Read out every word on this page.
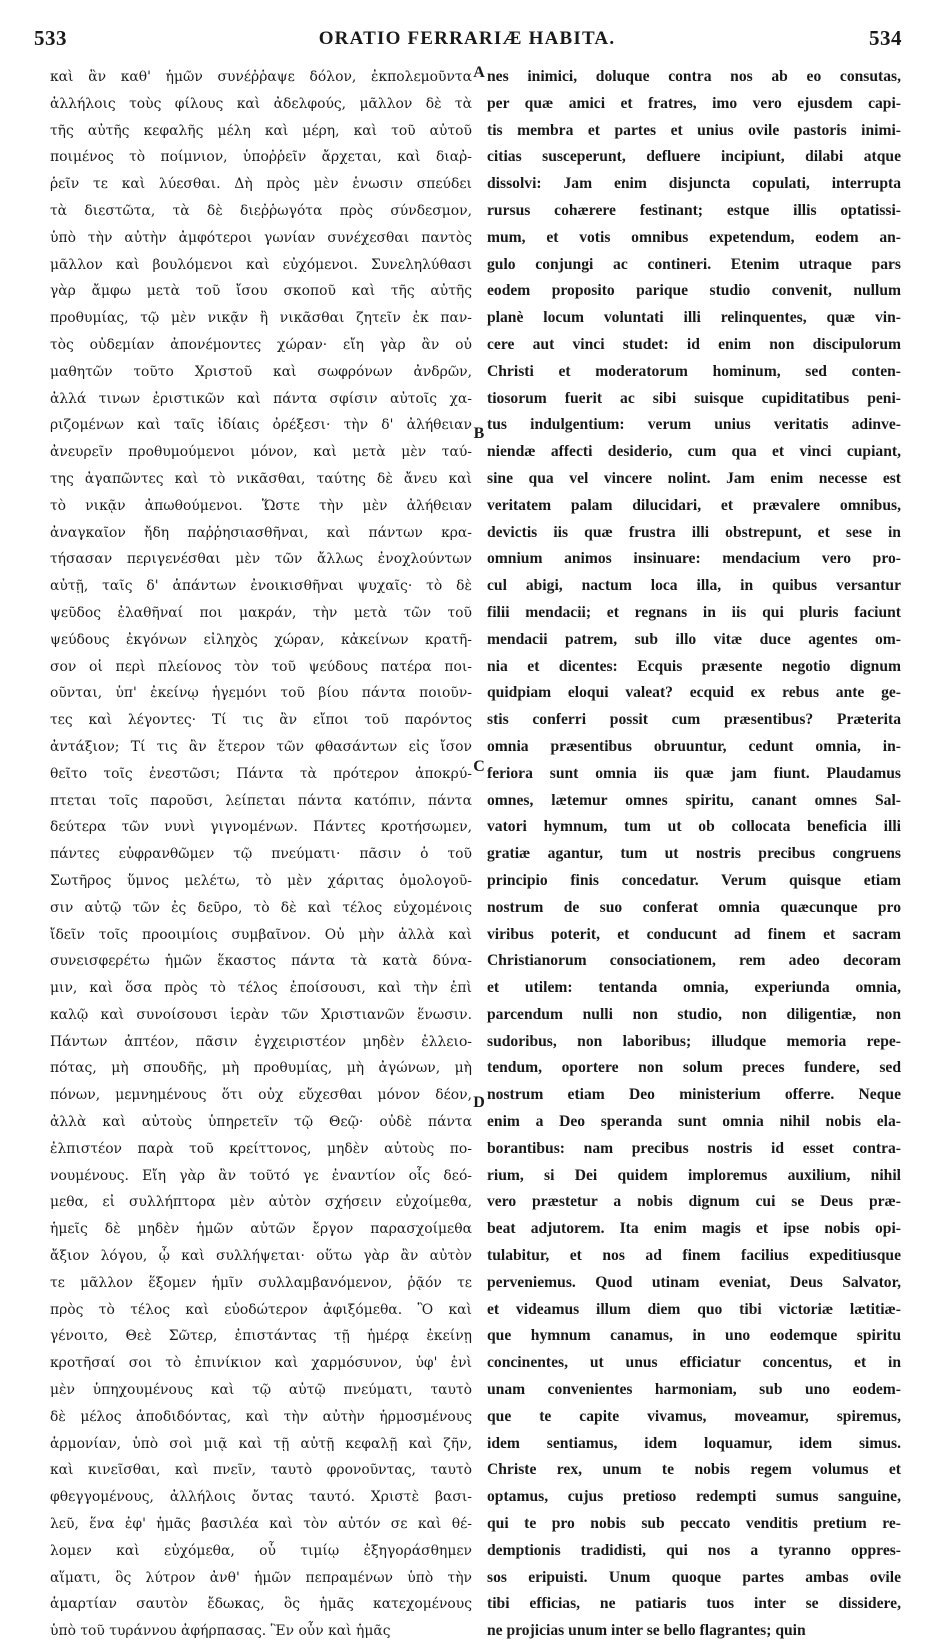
533	ORATIO FERRARIÆ HABITA.	534
καὶ ἂν καθ' ἡμῶν συνέῤῥαψε δόλον, ἐκπολεμοῦντα
ἀλλήλοις τοὺς φίλους καὶ ἀδελφούς, μᾶλλον δὲ τὰ
τῆς αὐτῆς κεφαλῆς μέλη καὶ μέρη, καὶ τοῦ αὐτοῦ
ποιμένος τὸ ποίμνιον, ὑποῤῥεῖν ἄρχεται, καὶ διαῤ-
ῥεῖν τε καὶ λύεσθαι. Δὴ πρὸς μὲν ἑνωσιν σπεύδει
τὰ διεστῶτα, τὰ δὲ διεῤῥωγότα πρὸς σύνδεσμον,
ὑπὸ τὴν αὐτὴν ἀμφότεροι γωνίαν συνέχεσθαι παντὸς
μᾶλλον καὶ βουλόμενοι καὶ εὐχόμενοι. Συνεληλύθασι
γὰρ ἄμφω μετὰ τοῦ ἴσου σκοποῦ καὶ τῆς αὐτῆς
προθυμίας, τῷ μὲν νικᾷν ἢ νικᾶσθαι ζητεῖν ἐκ παν-
τὸς οὐδεμίαν ἀπονέμοντες χώραν· εἴη γὰρ ἂν οὐ
μαθητῶν τοῦτο Χριστοῦ καὶ σωφρόνων ἀνδρῶν,
ἀλλά τινων ἐριστικῶν καὶ πάντα σφίσιν αὐτοῖς χα-
ριζομένων καὶ ταῖς ἰδίαις ὀρέξεσι· τὴν δ' ἀλήθειαν
ἀνευρεῖν προθυμούμενοι μόνον, καὶ μετὰ μὲν ταύ-
της ἀγαπῶντες καὶ τὸ νικᾶσθαι, ταύτης δὲ ἄνευ καὶ
τὸ νικᾷν ἀπωθούμενοι. Ὥστε τὴν μὲν ἀλήθειαν
ἀναγκαῖον ἤδη παῤῥησιασθῆναι, καὶ πάντων κρα-
τήσασαν περιγενέσθαι μὲν τῶν ἄλλως ἐνοχλούντων
αὐτῇ, ταῖς δ' ἁπάντων ἐνοικισθῆναι ψυχαῖς· τὸ δὲ
ψεῦδος ἐλαθῆναί ποι μακράν, τὴν μετὰ τῶν τοῦ
ψεύδους ἐκγόνων εἰληχὸς χώραν, κἀκείνων κρατῆ-
σον οἱ περὶ πλείονος τὸν τοῦ ψεύδους πατέρα ποι-
οῦνται, ὑπ' ἐκείνῳ ἡγεμόνι τοῦ βίου πάντα ποιοῦν-
τες καὶ λέγοντες· Τί τις ἂν εἴποι τοῦ παρόντος
ἀντάξιον; Τί τις ἂν ἕτερον τῶν φθασάντων εἰς ἴσον
θεῖτο τοῖς ἐνεστῶσι; Πάντα τὰ πρότερον ἀποκρύ-
πτεται τοῖς παροῦσι, λείπεται πάντα κατόπιν, πάντα
δεύτερα τῶν νυνὶ γιγνομένων. Πάντες κροτήσωμεν,
πάντες εὐφρανθῶμεν τῷ πνεύματι· πᾶσιν ὁ τοῦ
Σωτῆρος ὕμνος μελέτω, τὸ μὲν χάριτας ὁμολογοῦ-
σιν αὐτῷ τῶν ἐς δεῦρο, τὸ δὲ καὶ τέλος εὐχομένοις
ἴδεῖν τοῖς προοιμίοις συμβαῖνον. Οὐ μὴν ἀλλὰ καὶ
συνεισφερέτω ἡμῶν ἕκαστος πάντα τὰ κατὰ δύνα-
μιν, καὶ ὅσα πρὸς τὸ τέλος ἐποίσουσι, καὶ τὴν ἐπὶ
καλῷ καὶ συνοίσουσι ἱερὰν τῶν Χριστιανῶν ἕνωσιν.
Πάντων ἀπτέον, πᾶσιν ἐγχειριστέον μηδὲν ἐλλειο-
πότας, μὴ σπουδῆς, μὴ προθυμίας, μὴ ἀγώνων, μὴ
πόνων, μεμνημένους ὅτι οὐχ εὔχεσθαι μόνον δέον,
ἀλλὰ καὶ αὐτοὺς ὑπηρετεῖν τῷ Θεῷ· οὐδὲ πάντα
ἐλπιστέον παρὰ τοῦ κρείττονος, μηδὲν αὐτοὺς πο-
νουμένους. Εἴη γὰρ ἂν τοῦτό γε ἐναντίον οἷς δεό-
μεθα, εἰ συλλήπτορα μὲν αὐτὸν σχήσειν εὐχοίμεθα,
ἡμεῖς δὲ μηδὲν ἡμῶν αὐτῶν ἔργον παρασχοίμεθα
ἄξιον λόγου, ᾧ καὶ συλλήψεται· οὕτω γὰρ ἂν αὐτὸν
τε μᾶλλον ἕξομεν ἡμῖν συλλαμβανόμενον, ῥᾷόν τε
πρὸς τὸ τέλος καὶ εὐοδώτερον ἀφιξόμεθα. Ὃ καὶ
γένοιτο, Θεὲ Σῶτερ, ἐπιστάντας τῇ ἡμέρᾳ ἐκείνῃ
κροτῆσαί σοι τὸ ἐπινίκιον καὶ χαρμόσυνον, ὑφ' ἑνὶ
μὲν ὑπηχουμένους καὶ τῷ αὐτῷ πνεύματι, ταυτὸ
δὲ μέλος ἀποδιδόντας, καὶ τὴν αὐτὴν ἡρμοσμένους
ἁρμονίαν, ὑπὸ σοὶ μιᾷ καὶ τῇ αὐτῇ κεφαλῇ καὶ ζῆν,
καὶ κινεῖσθαι, καὶ πνεῖν, ταυτὸ φρονοῦντας, ταυτὸ
φθεγγομένους, ἀλλήλοις ὄντας ταυτό. Χριστὲ βασι-
λεῦ, ἕνα ἐφ' ἡμᾶς βασιλέα καὶ τὸν αὐτόν σε καὶ θέ-
λομεν καὶ εὐχόμεθα, οὗ τιμίῳ ἐξηγοράσθημεν
αἵματι, ὃς λύτρον ἀνθ' ἡμῶν πεπραμένων ὑπὸ τὴν
ἁμαρτίαν σαυτὸν ἔδωκας, ὃς ἡμᾶς κατεχομένους
ὑπὸ τοῦ τυράννου ἀφήρπασας. Ἓν οὖν καὶ ἡμᾶς
A
B
C
D
nes inimici, doluque contra nos ab eo consutas,
per quæ amici et fratres, imo vero ejusdem capi-
tis membra et partes et unius ovile pastoris inimi-
citias susceperunt, defluere incipiunt, dilabi atque
dissolvi: Jam enim disjuncta copulati, interrupta
rursus cohærere festinant; estque illis optatissi-
mum, et votis omnibus expetendum, eodem an-
gulo conjungi ac contineri. Etenim utraque pars
eodem proposito parique studio convenit, nullum
planè locum voluntati illi relinquentes, quæ vin-
cere aut vinci studet: id enim non discipulorum
Christi et moderatorum hominum, sed conten-
tiosorum fuerit ac sibi suisque cupiditatibus peni-
tus indulgentium: verum unius veritatis adinve-
niendæ affecti desiderio, cum qua et vinci cupiant,
sine qua vel vincere nolint. Jam enim necesse est
veritatem palam dilucidari, et prævalere omnibus,
devictis iis quæ frustra illi obstrepunt, et sese in
omnium animos insinuare: mendacium vero pro-
cul abigi, nactum loca illa, in quibus versantur
filii mendacii; et regnans in iis qui pluris faciunt
mendacii patrem, sub illo vitæ duce agentes om-
nia et dicentes: Ecquis præsente negotio dignum
quidpiam eloqui valeat? ecquid ex rebus ante ge-
stis conferri possit cum præsentibus? Præterita
omnia præsentibus obruuntur, cedunt omnia, in-
feriora sunt omnia iis quæ jam fiunt. Plaudamus
omnes, lætemur omnes spiritu, canant omnes Sal-
vatori hymnum, tum ut ob collocata beneficia illi
gratiæ agantur, tum ut nostris precibus congruens
principio finis concedatur. Verum quisque etiam
nostrum de suo conferat omnia quæcunque pro
viribus poterit, et conducunt ad finem et sacram
Christianorum consociationem, rem adeo decoram
et utilem: tentanda omnia, experiunda omnia,
parcendum nulli non studio, non diligentiæ, non
sudoribus, non laboribus; illudque memoria repe-
tendum, oportere non solum preces fundere, sed
nostrum etiam Deo ministerium offerre. Neque
enim a Deo speranda sunt omnia nihil nobis ela-
borantibus: nam precibus nostris id esset contra-
rium, si Dei quidem imploremus auxilium, nihil
vero præstetur a nobis dignum cui se Deus præ-
beat adjutorem. Ita enim magis et ipse nobis opi-
tulabitur, et nos ad finem facilius expeditiusque
perveniemus. Quod utinam eveniat, Deus Salvator,
et videamus illum diem quo tibi victoriæ lætitiæ-
que hymnum canamus, in uno eodemque spiritu
concinentes, ut unus efficiatur concentus, et in
unam convenientes harmoniam, sub uno eodem-
que te capite vivamus, moveamur, spiremus,
idem sentiamus, idem loquamur, idem simus.
Christe rex, unum te nobis regem volumus et
optamus, cujus pretioso redempti sumus sanguine,
qui te pro nobis sub peccato venditis pretium re-
demptionis tradidisti, qui nos a tyranno oppres-
sos eripuisti. Unum quoque partes ambas ovile
tibi efficias, ne patiaris tuos inter se dissidere,
ne projicias unum inter se bello flagrantes; quin
